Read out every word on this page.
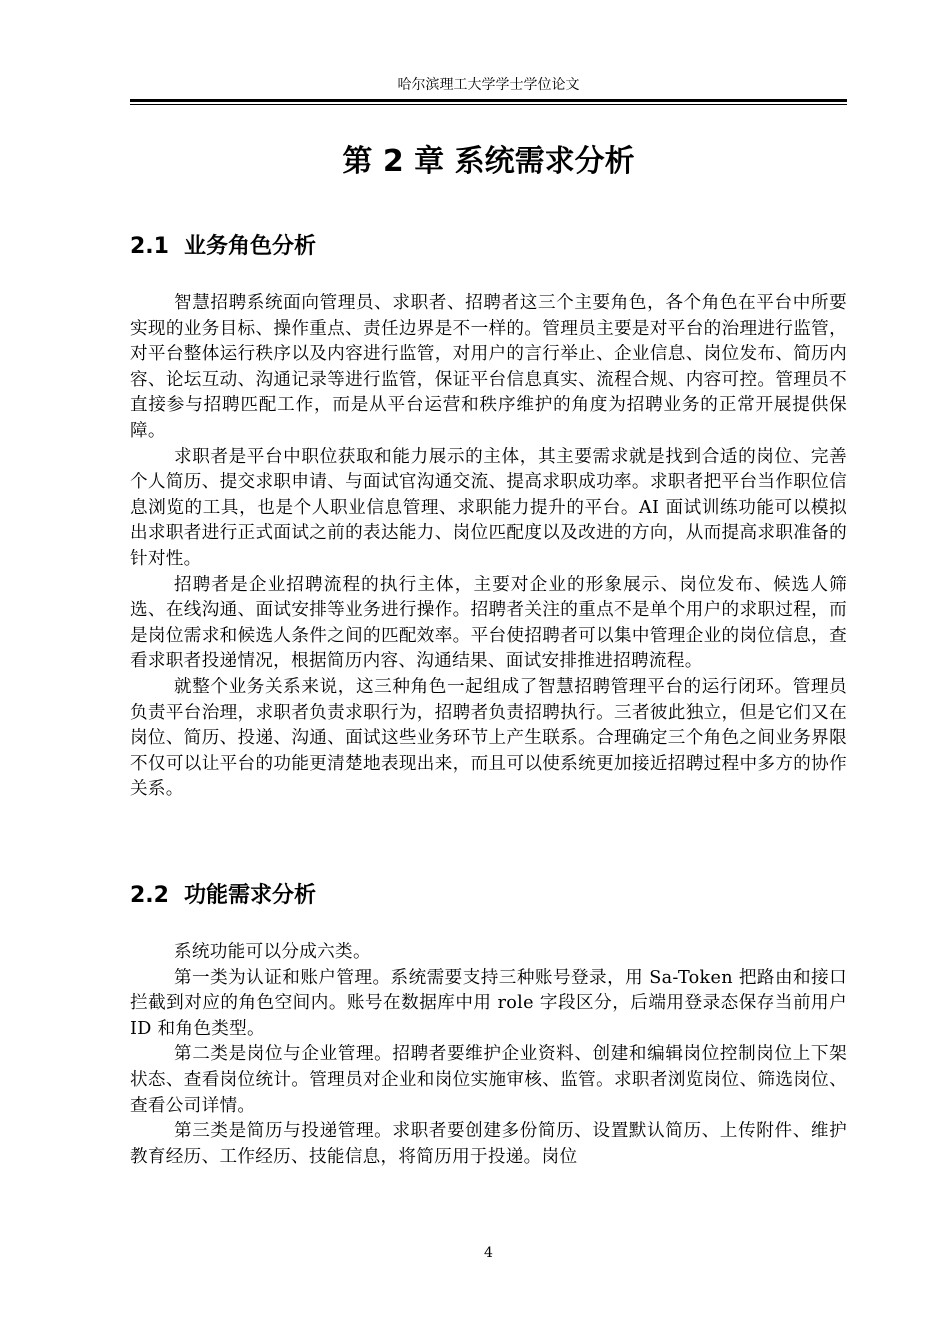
哈尔滨理工大学学士学位论文
第 2 章 系统需求分析
2.1 业务角色分析

智慧招聘系统面向管理员、求职者、招聘者这三个主要角色，各个角色在平台中所要实现的业务目标、操作重点、责任边界是不一样的。管理员主要是对平台的治理进行监管，对平台整体运行秩序以及内容进行监管，对用户的言行举止、企业信息、岗位发布、简历内容、论坛互动、沟通记录等进行监管，保证平台信息真实、流程合规、内容可控。管理员不直接参与招聘匹配工作，而是从平台运营和秩序维护的角度为招聘业务的正常开展提供保障。

求职者是平台中职位获取和能力展示的主体，其主要需求就是找到合适的岗位、完善个人简历、提交求职申请、与面试官沟通交流、提高求职成功率。求职者把平台当作职位信息浏览的工具，也是个人职业信息管理、求职能力提升的平台。AI 面试训练功能可以模拟出求职者进行正式面试之前的表达能力、岗位匹配度以及改进的方向，从而提高求职准备的针对性。

招聘者是企业招聘流程的执行主体，主要对企业的形象展示、岗位发布、候选人筛选、在线沟通、面试安排等业务进行操作。招聘者关注的重点不是单个用户的求职过程，而是岗位需求和候选人条件之间的匹配效率。平台使招聘者可以集中管理企业的岗位信息，查看求职者投递情况，根据简历内容、沟通结果、面试安排推进招聘流程。

就整个业务关系来说，这三种角色一起组成了智慧招聘管理平台的运行闭环。管理员负责平台治理，求职者负责求职行为，招聘者负责招聘执行。三者彼此独立，但是它们又在岗位、简历、投递、沟通、面试这些业务环节上产生联系。合理确定三个角色之间业务界限不仅可以让平台的功能更清楚地表现出来，而且可以使系统更加接近招聘过程中多方的协作关系。

2.2 功能需求分析

系统功能可以分成六类。

第一类为认证和账户管理。系统需要支持三种账号登录，用 Sa-Token 把路由和接口拦截到对应的角色空间内。账号在数据库中用 role 字段区分，后端用登录态保存当前用户 ID 和角色类型。

第二类是岗位与企业管理。招聘者要维护企业资料、创建和编辑岗位控制岗位上下架状态、查看岗位统计。管理员对企业和岗位实施审核、监管。求职者浏览岗位、筛选岗位、查看公司详情。

第三类是简历与投递管理。求职者要创建多份简历、设置默认简历、上传附件、维护教育经历、工作经历、技能信息，将简历用于投递。岗位

4
